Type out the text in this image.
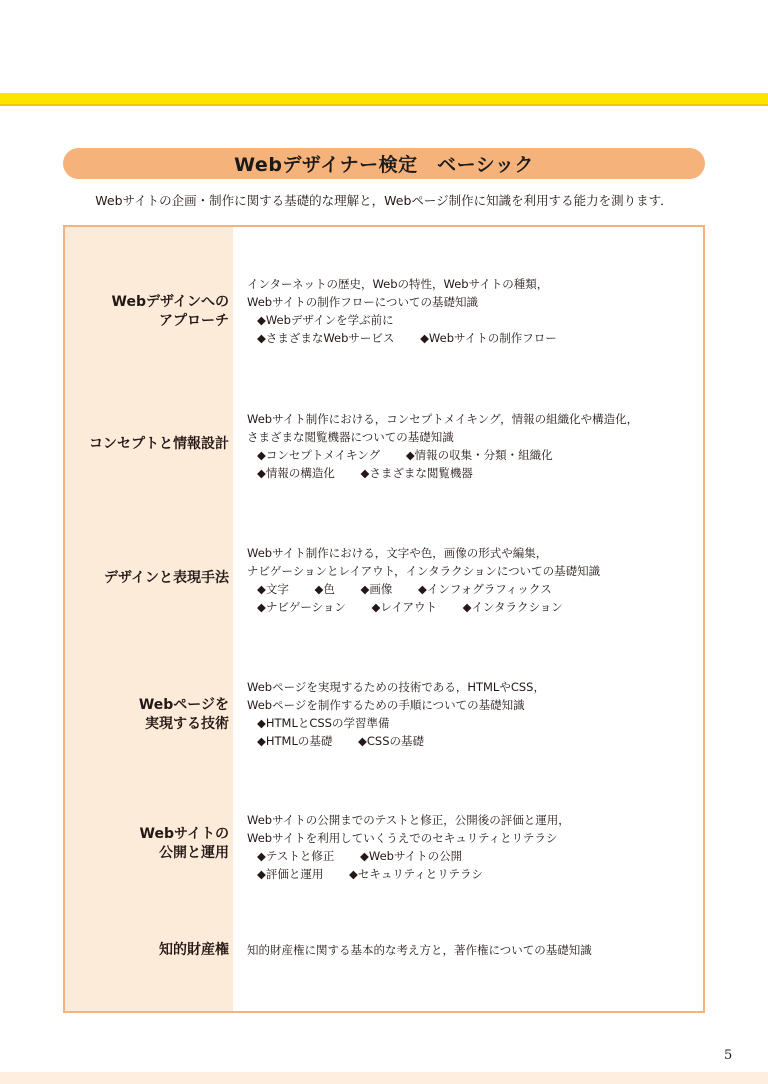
Webデザイナー検定　ベーシック
Webサイトの企画・制作に関する基礎的な理解と，Webページ制作に知識を利用する能力を測ります．
Webデザインへの
アプローチ
インターネットの歴史，Webの特性，Webサイトの種類，
Webサイトの制作フローについての基礎知識
◆Webデザインを学ぶ前に
◆さまざまなWebサービス ◆Webサイトの制作フロー
コンセプトと情報設計
Webサイト制作における，コンセプトメイキング，情報の組織化や構造化，
さまざまな閲覧機器についての基礎知識
◆コンセプトメイキング ◆情報の収集・分類・組織化
◆情報の構造化 ◆さまざまな閲覧機器
デザインと表現手法
Webサイト制作における，文字や色，画像の形式や編集，
ナビゲーションとレイアウト，インタラクションについての基礎知識
◆文字 ◆色 ◆画像 ◆インフォグラフィックス
◆ナビゲーション ◆レイアウト ◆インタラクション
Webページを
実現する技術
Webページを実現するための技術である，HTMLやCSS，
Webページを制作するための手順についての基礎知識
◆HTMLとCSSの学習準備
◆HTMLの基礎 ◆CSSの基礎
Webサイトの
公開と運用
Webサイトの公開までのテストと修正，公開後の評価と運用，
Webサイトを利用していくうえでのセキュリティとリテラシ
◆テストと修正 ◆Webサイトの公開
◆評価と運用 ◆セキュリティとリテラシ
知的財産権 知的財産権に関する基本的な考え方と，著作権についての基礎知識
5
